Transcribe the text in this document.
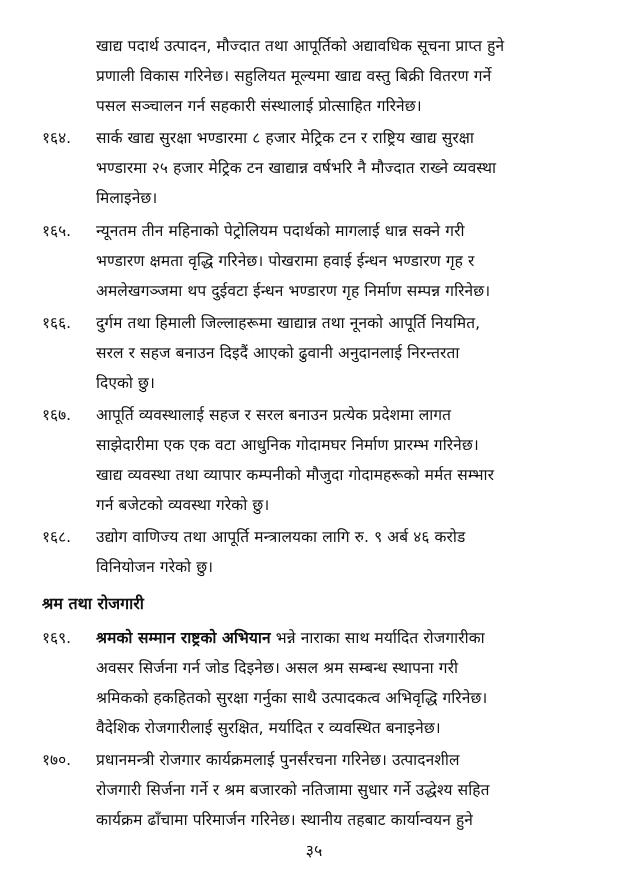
खाद्य पदार्थ उत्पादन, मौज्दात तथा आपूर्तिको अद्यावधिक सूचना प्राप्त हुने
प्रणाली विकास गरिनेछ। सहुलियत मूल्यमा खाद्य वस्तु बिक्री वितरण गर्ने
पसल सञ्चालन गर्न सहकारी संस्थालाई प्रोत्साहित गरिनेछ।
१६४. सार्क खाद्य सुरक्षा भण्डारमा ८ हजार मेट्रिक टन र राष्ट्रिय खाद्य सुरक्षा
भण्डारमा २५ हजार मेट्रिक टन खाद्यान्न वर्षभरि नै मौज्दात राख्ने व्यवस्था
मिलाइनेछ।
१६५. न्यूनतम तीन महिनाको पेट्रोलियम पदार्थको मागलाई धान्न सक्ने गरी
भण्डारण क्षमता वृद्धि गरिनेछ। पोखरामा हवाई ईन्धन भण्डारण गृह र
अमलेखगञ्जमा थप दुईवटा ईन्धन भण्डारण गृह निर्माण सम्पन्न गरिनेछ।
१६६. दुर्गम तथा हिमाली जिल्लाहरूमा खाद्यान्न तथा नूनको आपूर्ति नियमित,
सरल र सहज बनाउन दिइदैं आएको ढुवानी अनुदानलाई निरन्तरता
दिएको छु।
१६७. आपूर्ति व्यवस्थालाई सहज र सरल बनाउन प्रत्येक प्रदेशमा लागत
साझेदारीमा एक एक वटा आधुनिक गोदामघर निर्माण प्रारम्भ गरिनेछ।
खाद्य व्यवस्था तथा व्यापार कम्पनीको मौजुदा गोदामहरूको मर्मत सम्भार
गर्न बजेटको व्यवस्था गरेको छु।
१६८. उद्योग वाणिज्य तथा आपूर्ति मन्त्रालयका लागि रु. ९ अर्ब ४६ करोड
विनियोजन गरेको छु।
श्रम तथा रोजगारी
१६९. श्रमको सम्मान राष्ट्रको अभियान भन्ने नाराका साथ मर्यादित रोजगारीका
अवसर सिर्जना गर्न जोड दिइनेछ। असल श्रम सम्बन्ध स्थापना गरी
श्रमिकको हकहितको सुरक्षा गर्नुका साथै उत्पादकत्व अभिवृद्धि गरिनेछ।
वैदेशिक रोजगारीलाई सुरक्षित, मर्यादित र व्यवस्थित बनाइनेछ।
१७०. प्रधानमन्त्री रोजगार कार्यक्रमलाई पुनर्संरचना गरिनेछ। उत्पादनशील
रोजगारी सिर्जना गर्ने र श्रम बजारको नतिजामा सुधार गर्ने उद्धेश्य सहित
कार्यक्रम ढाँचामा परिमार्जन गरिनेछ। स्थानीय तहबाट कार्यान्वयन हुने
३५
